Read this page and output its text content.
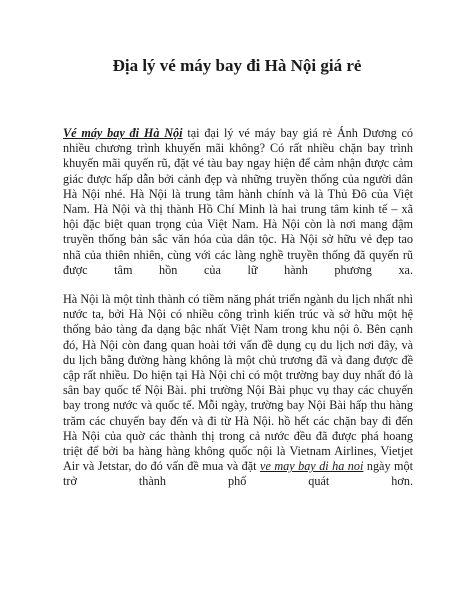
Địa lý vé máy bay đi Hà Nội giá rẻ

Vé máy bay đi Hà Nội tại đại lý vé máy bay giá rẻ Ánh Dương có nhiều chương trình khuyến mãi không? Có rất nhiều chặn bay trình khuyến mãi quyến rũ, đặt vé tàu bay ngay hiện để cảm nhận được cảm giác được hấp dẫn bởi cảnh đẹp và những truyền thống của người dân Hà Nội nhé. Hà Nội là trung tâm hành chính và là Thủ Đô của Việt Nam. Hà Nội và thị thành Hồ Chí Minh là hai trung tâm kinh tế – xã hội đặc biệt quan trọng của Việt Nam. Hà Nội còn là nơi mang đậm truyền thống bản sắc văn hóa của dân tộc. Hà Nội sở hữu vẻ đẹp tao nhã của thiên nhiên, cùng với các làng nghề truyền thống đã quyến rũ được tâm hồn của lữ hành phương xa.

Hà Nội là một tỉnh thành có tiềm năng phát triển ngành du lịch nhất nhì nước ta, bởi Hà Nội có nhiều công trình kiến trúc và sở hữu một hệ thống bảo tàng đa dạng bậc nhất Việt Nam trong khu nội ô. Bên cạnh đó, Hà Nội còn đang quan hoài tới vấn đề dụng cụ du lịch nơi đây, và du lịch bằng đường hàng không là một chủ trương đã và đang được đề cập rất nhiều. Do hiện tại Hà Nội chỉ có một trường bay duy nhất đó là sân bay quốc tế Nội Bài. phi trường Nội Bài phục vụ thay các chuyến bay trong nước và quốc tế. Mỗi ngày, trường bay Nội Bài hấp thu hàng trăm các chuyến bay đến và đi từ Hà Nội. hồ hết các chặn bay đi đến Hà Nội của quờ các thành thị trong cả nước đều đã được phá hoang triệt để bởi ba hàng hàng không quốc nội là Vietnam Airlines, Vietjet Air và Jetstar, do đó vấn đề mua và đặt ve may bay di ha noi ngày một trở thành phố quát hơn.
